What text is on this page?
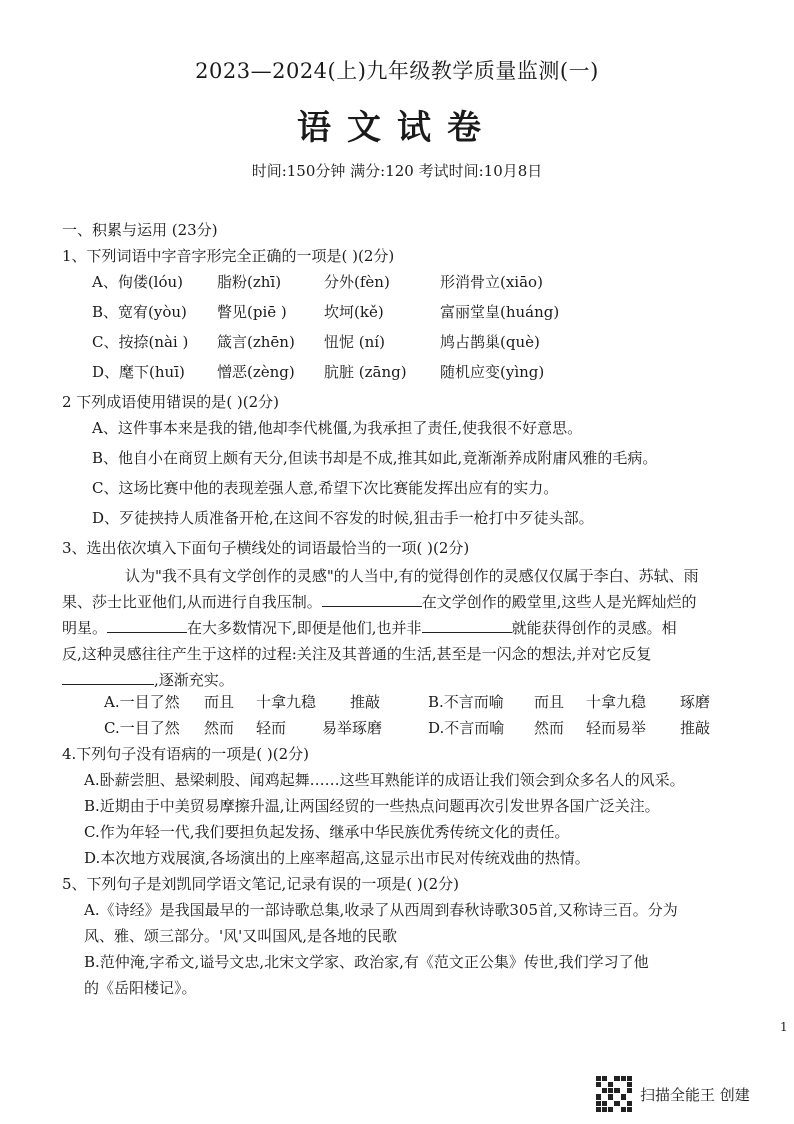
2023—2024(上)九年级教学质量监测(一)
语文试卷
时间:150分钟 满分:120 考试时间:10月8日
一、积累与运用 (23分)
1、下列词语中字音字形完全正确的一项是( )(2分)
A、佝偻(lóu) 脂粉(zhī)	分外(fèn)	形消骨立(xiāo)
B、宽宥(yòu) 瞥见(piē ) 坎坷(kě)	富丽堂皇(huáng)
C、按捺(nài ) 箴言(zhēn) 忸怩 (ní)	鸠占鹊巢(què)
D、麾下(huī) 憎恶(zèng) 肮脏 (zāng) 随机应变(yìng)
2 下列成语使用错误的是( )(2分)
A、这件事本来是我的错,他却李代桃僵,为我承担了责任,使我很不好意思。
B、他自小在商贸上颇有天分,但读书却是不成,推其如此,竟渐渐养成附庸风雅的毛病。
C、这场比赛中他的表现差强人意,希望下次比赛能发挥出应有的实力。
D、歹徒挟持人质准备开枪,在这间不容发的时候,狙击手一枪打中歹徒头部。
3、选出依次填入下面句子横线处的词语最恰当的一项( )(2分)
认为"我不具有文学创作的灵感"的人当中,有的觉得创作的灵感仅仅属于李白、苏轼、雨
果、莎士比亚他们,从而进行自我压制。	在文学创作的殿堂里,这些人是光辉灿烂的
明星。	在大多数情况下,即便是他们,也并非	就能获得创作的灵感。相
反,这种灵感往往产生于这样的过程:关注及其普通的生活,甚至是一闪念的想法,并对它反复
,逐渐充实。
A.一目了然 而且 十拿九稳 推敲	B.不言而喻 而且 十拿九稳 琢磨
C.一目了然 然而 轻而 易举琢磨	D.不言而喻 然而 轻而易举 推敲
4.下列句子没有语病的一项是( )(2分)
A.卧薪尝胆、悬梁刺股、闻鸡起舞……这些耳熟能详的成语让我们领会到众多名人的风采。
B.近期由于中美贸易摩擦升温,让两国经贸的一些热点问题再次引发世界各国广泛关注。
C.作为年轻一代,我们要担负起发扬、继承中华民族优秀传统文化的责任。
D.本次地方戏展演,各场演出的上座率超高,这显示出市民对传统戏曲的热情。
5、下列句子是刘凯同学语文笔记,记录有误的一项是( )(2分)
A.《诗经》是我国最早的一部诗歌总集,收录了从西周到春秋诗歌305首,又称诗三百。分为
风、雅、颂三部分。'风'又叫国风,是各地的民歌
B.范仲淹,字希文,谥号文忠,北宋文学家、政治家,有《范文正公集》传世,我们学习了他
的《岳阳楼记》。
1
扫描全能王 创建
